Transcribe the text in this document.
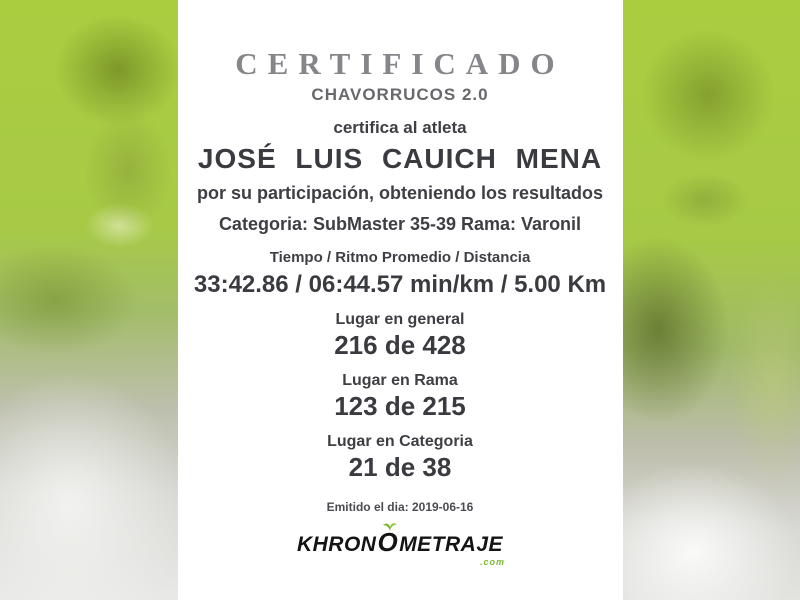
CERTIFICADO
CHAVORRUCOS 2.0
certifica al atleta
JOSÉ LUIS CAUICH MENA
por su participación, obteniendo los resultados
Categoria: SubMaster 35-39 Rama: Varonil
Tiempo / Ritmo Promedio / Distancia
33:42.86 / 06:44.57 min/km / 5.00 Km
Lugar en general
216 de 428
Lugar en Rama
123 de 215
Lugar en Categoria
21 de 38
Emitido el dia: 2019-06-16
KHRON O METRAJE
.com
